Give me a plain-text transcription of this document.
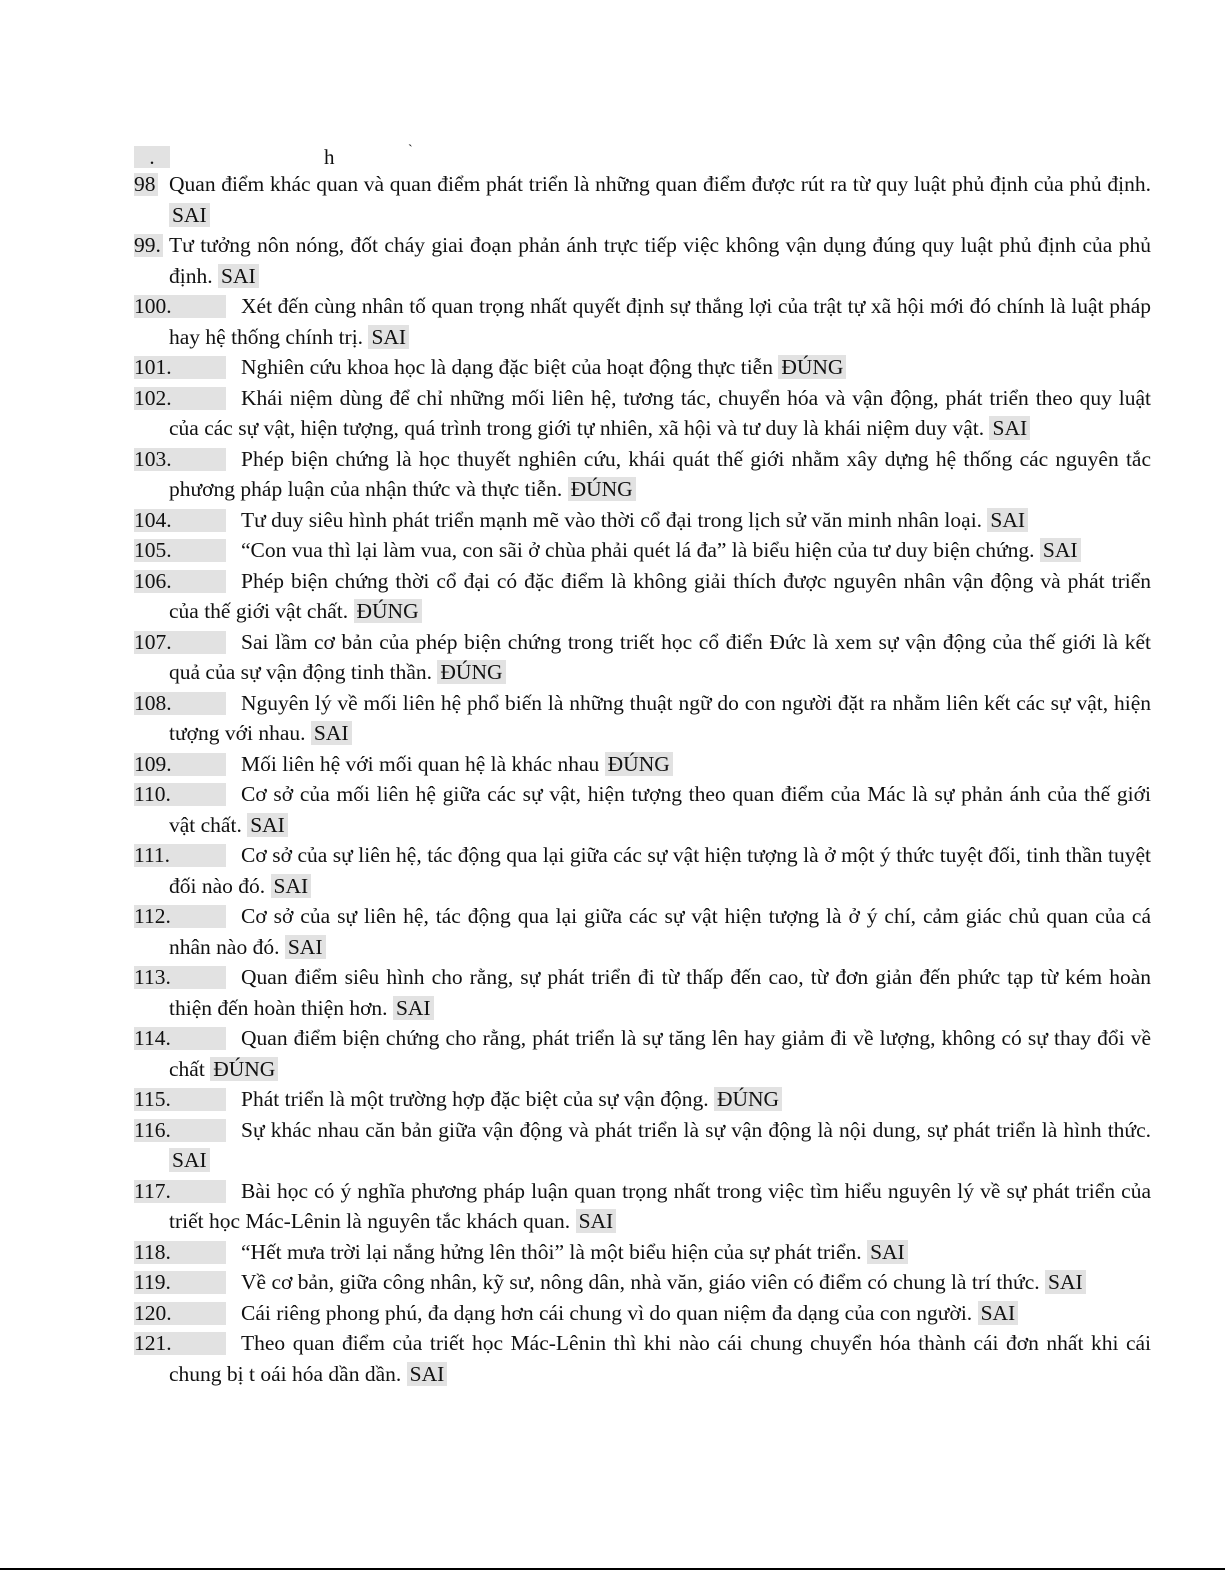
.	h	`
98 Quan điểm khác quan và quan điểm phát triển là những quan điểm được rút ra từ quy luật phủ định của phủ định. SAI
99. Tư tưởng nôn nóng, đốt cháy giai đoạn phản ánh trực tiếp việc không vận dụng đúng quy luật phủ định của phủ định. SAI
100.	Xét đến cùng nhân tố quan trọng nhất quyết định sự thắng lợi của trật tự xã hội mới đó chính là luật pháp hay hệ thống chính trị. SAI
101.	Nghiên cứu khoa học là dạng đặc biệt của hoạt động thực tiễn ĐÚNG
102.	Khái niệm dùng để chỉ những mối liên hệ, tương tác, chuyển hóa và vận động, phát triển theo quy luật của các sự vật, hiện tượng, quá trình trong giới tự nhiên, xã hội và tư duy là khái niệm duy vật. SAI
103.	Phép biện chứng là học thuyết nghiên cứu, khái quát thế giới nhằm xây dựng hệ thống các nguyên tắc phương pháp luận của nhận thức và thực tiễn. ĐÚNG
104.	Tư duy siêu hình phát triển mạnh mẽ vào thời cổ đại trong lịch sử văn minh nhân loại. SAI
105.	“Con vua thì lại làm vua, con sãi ở chùa phải quét lá đa” là biểu hiện của tư duy biện chứng. SAI
106.	Phép biện chứng thời cổ đại có đặc điểm là không giải thích được nguyên nhân vận động và phát triển của thế giới vật chất. ĐÚNG
107.	Sai lầm cơ bản của phép biện chứng trong triết học cổ điển Đức là xem sự vận động của thế giới là kết quả của sự vận động tinh thần. ĐÚNG
108.	Nguyên lý về mối liên hệ phổ biến là những thuật ngữ do con người đặt ra nhằm liên kết các sự vật, hiện tượng với nhau. SAI
109.	Mối liên hệ với mối quan hệ là khác nhau ĐÚNG
110.	Cơ sở của mối liên hệ giữa các sự vật, hiện tượng theo quan điểm của Mác là sự phản ánh của thế giới vật chất. SAI
111.	Cơ sở của sự liên hệ, tác động qua lại giữa các sự vật hiện tượng là ở một ý thức tuyệt đối, tinh thần tuyệt đối nào đó. SAI
112.	Cơ sở của sự liên hệ, tác động qua lại giữa các sự vật hiện tượng là ở ý chí, cảm giác chủ quan của cá nhân nào đó. SAI
113.	Quan điểm siêu hình cho rằng, sự phát triển đi từ thấp đến cao, từ đơn giản đến phức tạp từ kém hoàn thiện đến hoàn thiện hơn. SAI
114.	Quan điểm biện chứng cho rằng, phát triển là sự tăng lên hay giảm đi về lượng, không có sự thay đổi về chất ĐÚNG
115.	Phát triển là một trường hợp đặc biệt của sự vận động. ĐÚNG
116.	Sự khác nhau căn bản giữa vận động và phát triển là sự vận động là nội dung, sự phát triển là hình thức. SAI
117.	Bài học có ý nghĩa phương pháp luận quan trọng nhất trong việc tìm hiểu nguyên lý về sự phát triển của triết học Mác-Lênin là nguyên tắc khách quan. SAI
118.	“Hết mưa trời lại nắng hửng lên thôi” là một biểu hiện của sự phát triển. SAI
119.	Về cơ bản, giữa công nhân, kỹ sư, nông dân, nhà văn, giáo viên có điểm có chung là trí thức. SAI
120.	Cái riêng phong phú, đa dạng hơn cái chung vì do quan niệm đa dạng của con người. SAI
121.	Theo quan điểm của triết học Mác-Lênin thì khi nào cái chung chuyển hóa thành cái đơn nhất khi cái chung bị t oái hóa dần dần. SAI
